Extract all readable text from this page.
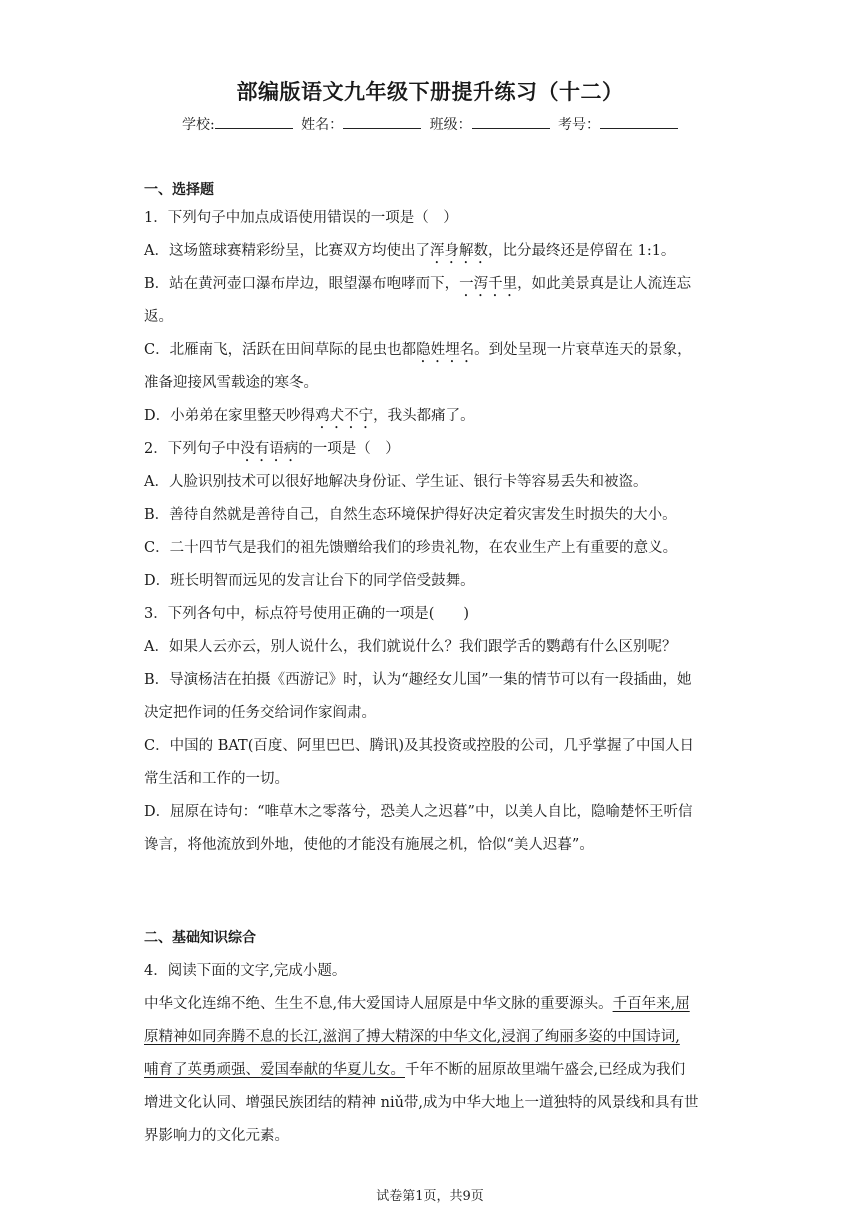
部编版语文九年级下册提升练习（十二）
学校:	姓名：	班级：	考号：
一、选择题
1．下列句子中加点成语使用错误的一项是（　）
A．这场篮球赛精彩纷呈，比赛双方均使出了浑身解数，比分最终还是停留在 1:1。
B．站在黄河壶口瀑布岸边，眼望瀑布咆哮而下，一泻千里，如此美景真是让人流连忘
返。
C．北雁南飞，活跃在田间草际的昆虫也都隐姓埋名。到处呈现一片衰草连天的景象，
准备迎接风雪载途的寒冬。
D．小弟弟在家里整天吵得鸡犬不宁，我头都痛了。
2．下列句子中没有语病的一项是（　）
A．人脸识别技术可以很好地解决身份证、学生证、银行卡等容易丢失和被盗。
B．善待自然就是善待自己，自然生态环境保护得好决定着灾害发生时损失的大小。
C．二十四节气是我们的祖先馈赠给我们的珍贵礼物，在农业生产上有重要的意义。
D．班长明智而远见的发言让台下的同学倍受鼓舞。
3．下列各句中，标点符号使用正确的一项是(　　)
A．如果人云亦云，别人说什么，我们就说什么？我们跟学舌的鹦鹉有什么区别呢？
B．导演杨洁在拍摄《西游记》时，认为“趣经女儿国”一集的情节可以有一段插曲，她
决定把作词的任务交给词作家阎肃。
C．中国的 BAT(百度、阿里巴巴、腾讯)及其投资或控股的公司，几乎掌握了中国人日
常生活和工作的一切。
D．屈原在诗句：“唯草木之零落兮，恐美人之迟暮”中，以美人自比，隐喻楚怀王听信
谗言，将他流放到外地，使他的才能没有施展之机，恰似“美人迟暮”。
二、基础知识综合
4．阅读下面的文字,完成小题。
中华文化连绵不绝、生生不息,伟大爱国诗人屈原是中华文脉的重要源头。千百年来,屈
原精神如同奔腾不息的长江,滋润了搏大精深的中华文化,浸润了绚丽多姿的中国诗词,
哺育了英勇顽强、爱国奉献的华夏儿女。千年不断的屈原故里端午盛会,已经成为我们
增进文化认同、增强民族团结的精神 niǔ带,成为中华大地上一道独特的风景线和具有世
界影响力的文化元素。
试卷第1页，共9页
